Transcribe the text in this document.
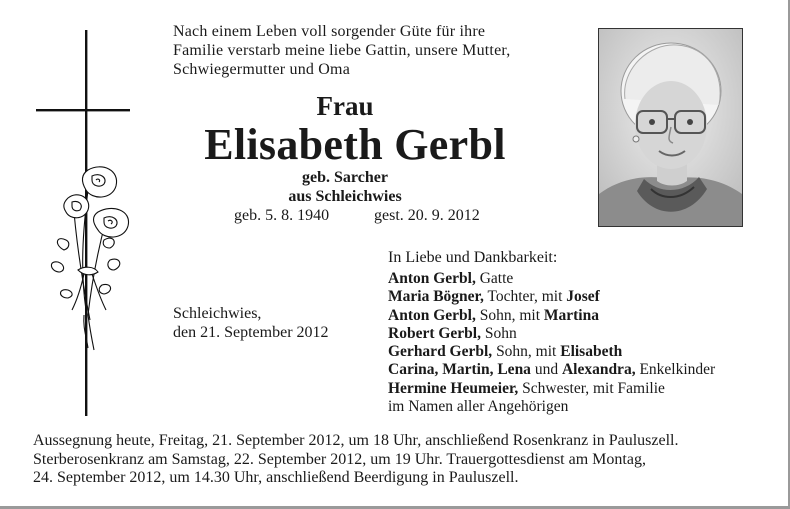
Nach einem Leben voll sorgender Güte für ihre
Familie verstarb meine liebe Gattin, unsere Mutter,
Schwiegermutter und Oma
Frau
Elisabeth Gerbl
geb. Sarcher
aus Schleichwies
geb. 5. 8. 1940	gest. 20. 9. 2012
Schleichwies,
den 21. September 2012
In Liebe und Dankbarkeit:
Anton Gerbl, Gatte
Maria Bögner, Tochter, mit Josef
Anton Gerbl, Sohn, mit Martina
Robert Gerbl, Sohn
Gerhard Gerbl, Sohn, mit Elisabeth
Carina, Martin, Lena und Alexandra, Enkelkinder
Hermine Heumeier, Schwester, mit Familie
im Namen aller Angehörigen
Aussegnung heute, Freitag, 21. September 2012, um 18 Uhr, anschließend Rosenkranz in Pauluszell.
Sterberosenkranz am Samstag, 22. September 2012, um 19 Uhr. Trauergottesdienst am Montag,
24. September 2012, um 14.30 Uhr, anschließend Beerdigung in Pauluszell.
